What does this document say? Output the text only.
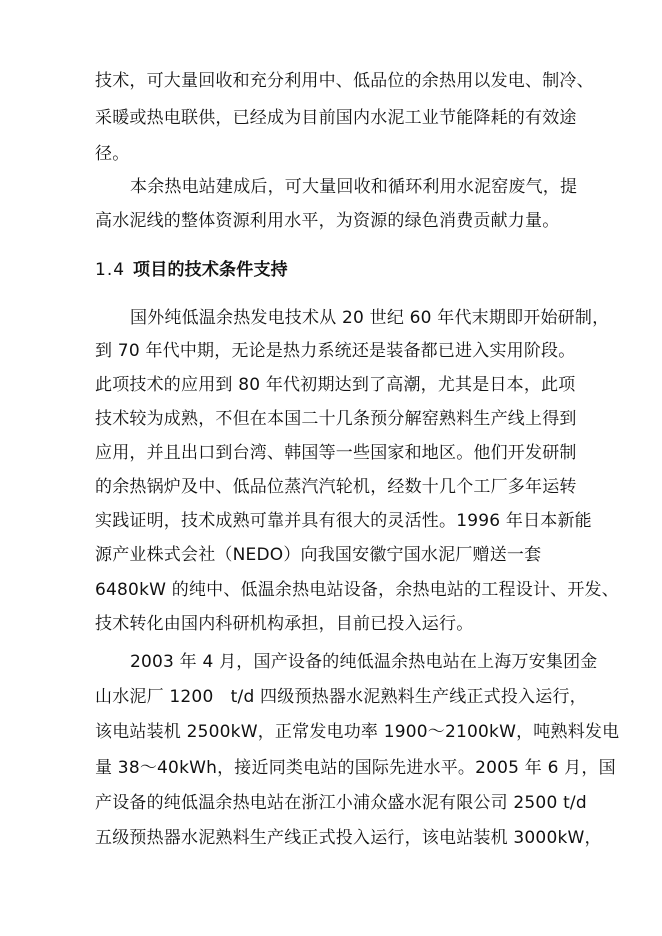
技术，可大量回收和充分利用中、低品位的余热用以发电、制冷、
采暖或热电联供，已经成为目前国内水泥工业节能降耗的有效途
径。
本余热电站建成后，可大量回收和循环利用水泥窑废气，提
高水泥线的整体资源利用水平，为资源的绿色消费贡献力量。
1.4 项目的技术条件支持
国外纯低温余热发电技术从 20 世纪 60 年代末期即开始研制，
到 70 年代中期，无论是热力系统还是装备都已进入实用阶段。
此项技术的应用到 80 年代初期达到了高潮，尤其是日本，此项
技术较为成熟，不但在本国二十几条预分解窑熟料生产线上得到
应用，并且出口到台湾、韩国等一些国家和地区。他们开发研制
的余热锅炉及中、低品位蒸汽汽轮机，经数十几个工厂多年运转
实践证明，技术成熟可靠并具有很大的灵活性。1996 年日本新能
源产业株式会社（NEDO）向我国安徽宁国水泥厂赠送一套
6480kW 的纯中、低温余热电站设备，余热电站的工程设计、开发、
技术转化由国内科研机构承担，目前已投入运行。
2003 年 4 月，国产设备的纯低温余热电站在上海万安集团金
山水泥厂 1200　t/d 四级预热器水泥熟料生产线正式投入运行，
该电站装机 2500kW，正常发电功率 1900～2100kW，吨熟料发电
量 38～40kWh，接近同类电站的国际先进水平。2005 年 6 月，国
产设备的纯低温余热电站在浙江小浦众盛水泥有限公司 2500 t/d
五级预热器水泥熟料生产线正式投入运行，该电站装机 3000kW，
